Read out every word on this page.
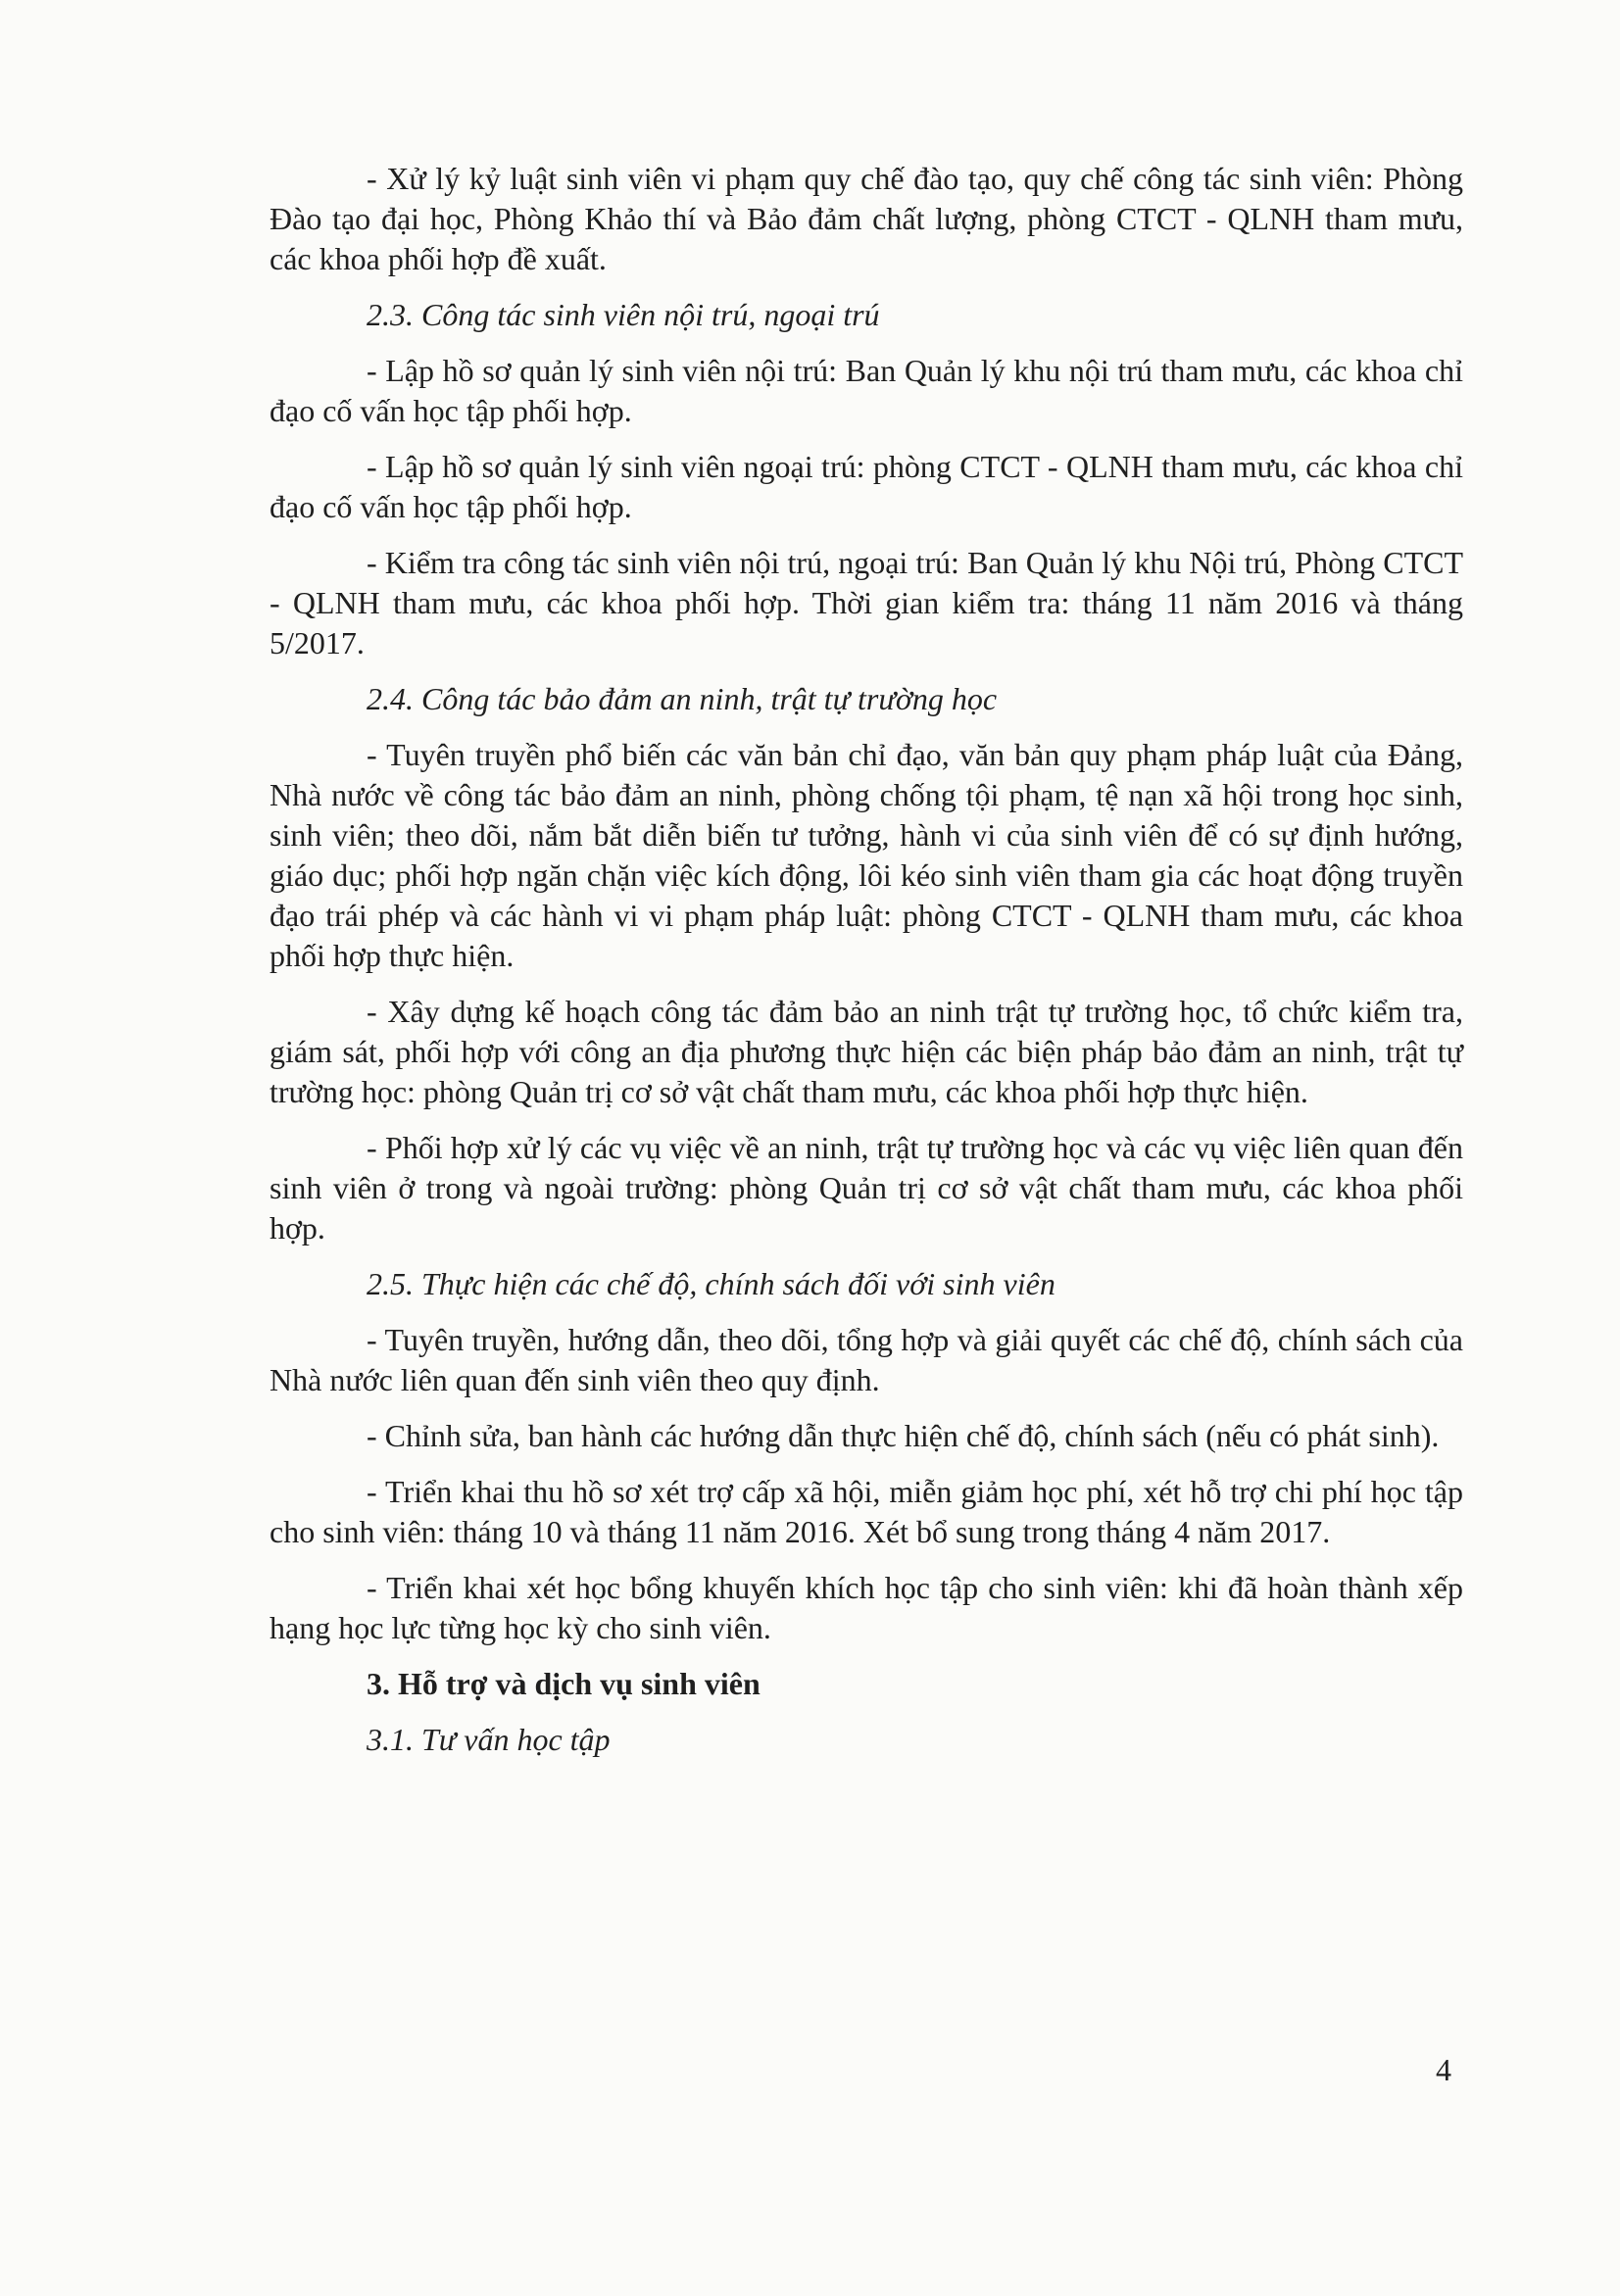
- Xử lý kỷ luật sinh viên vi phạm quy chế đào tạo, quy chế công tác sinh viên: Phòng Đào tạo đại học, Phòng Khảo thí và Bảo đảm chất lượng, phòng CTCT - QLNH tham mưu, các khoa phối hợp đề xuất.

2.3. Công tác sinh viên nội trú, ngoại trú

- Lập hồ sơ quản lý sinh viên nội trú: Ban Quản lý khu nội trú tham mưu, các khoa chỉ đạo cố vấn học tập phối hợp.

- Lập hồ sơ quản lý sinh viên ngoại trú: phòng CTCT - QLNH tham mưu, các khoa chỉ đạo cố vấn học tập phối hợp.

- Kiểm tra công tác sinh viên nội trú, ngoại trú: Ban Quản lý khu Nội trú, Phòng CTCT - QLNH tham mưu, các khoa phối hợp. Thời gian kiểm tra: tháng 11 năm 2016 và tháng 5/2017.

2.4. Công tác bảo đảm an ninh, trật tự trường học

- Tuyên truyền phổ biến các văn bản chỉ đạo, văn bản quy phạm pháp luật của Đảng, Nhà nước về công tác bảo đảm an ninh, phòng chống tội phạm, tệ nạn xã hội trong học sinh, sinh viên; theo dõi, nắm bắt diễn biến tư tưởng, hành vi của sinh viên để có sự định hướng, giáo dục; phối hợp ngăn chặn việc kích động, lôi kéo sinh viên tham gia các hoạt động truyền đạo trái phép và các hành vi vi phạm pháp luật: phòng CTCT - QLNH tham mưu, các khoa phối hợp thực hiện.

- Xây dựng kế hoạch công tác đảm bảo an ninh trật tự trường học, tổ chức kiểm tra, giám sát, phối hợp với công an địa phương thực hiện các biện pháp bảo đảm an ninh, trật tự trường học: phòng Quản trị cơ sở vật chất tham mưu, các khoa phối hợp thực hiện.

- Phối hợp xử lý các vụ việc về an ninh, trật tự trường học và các vụ việc liên quan đến sinh viên ở trong và ngoài trường: phòng Quản trị cơ sở vật chất tham mưu, các khoa phối hợp.

2.5. Thực hiện các chế độ, chính sách đối với sinh viên

- Tuyên truyền, hướng dẫn, theo dõi, tổng hợp và giải quyết các chế độ, chính sách của Nhà nước liên quan đến sinh viên theo quy định.

- Chỉnh sửa, ban hành các hướng dẫn thực hiện chế độ, chính sách (nếu có phát sinh).

- Triển khai thu hồ sơ xét trợ cấp xã hội, miễn giảm học phí, xét hỗ trợ chi phí học tập cho sinh viên: tháng 10 và tháng 11 năm 2016. Xét bổ sung trong tháng 4 năm 2017.

- Triển khai xét học bổng khuyến khích học tập cho sinh viên: khi đã hoàn thành xếp hạng học lực từng học kỳ cho sinh viên.

3. Hỗ trợ và dịch vụ sinh viên

3.1. Tư vấn học tập

4
